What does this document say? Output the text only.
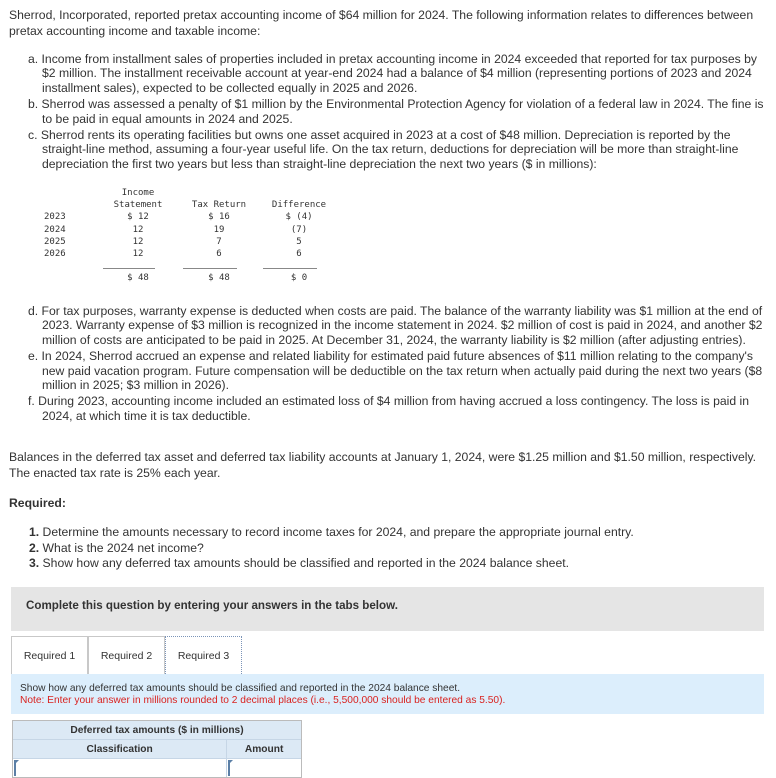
Sherrod, Incorporated, reported pretax accounting income of $64 million for 2024. The following information relates to differences between pretax accounting income and taxable income:

a. Income from installment sales of properties included in pretax accounting income in 2024 exceeded that reported for tax purposes by $2 million. The installment receivable account at year-end 2024 had a balance of $4 million (representing portions of 2023 and 2024 installment sales), expected to be collected equally in 2025 and 2026.

b. Sherrod was assessed a penalty of $1 million by the Environmental Protection Agency for violation of a federal law in 2024. The fine is to be paid in equal amounts in 2024 and 2025.

c. Sherrod rents its operating facilities but owns one asset acquired in 2023 at a cost of $48 million. Depreciation is reported by the straight-line method, assuming a four-year useful life. On the tax return, deductions for depreciation will be more than straight-line depreciation the first two years but less than straight-line depreciation the next two years ($ in millions):

	Income		
	Statement	Tax Return	Difference
2023	$ 12	$ 16	$ (4)
2024	12	19	(7)
2025	12	7	5
2026	12	6	6

	$ 48	$ 48	$ 0

d. For tax purposes, warranty expense is deducted when costs are paid. The balance of the warranty liability was $1 million at the end of 2023. Warranty expense of $3 million is recognized in the income statement in 2024. $2 million of cost is paid in 2024, and another $2 million of costs are anticipated to be paid in 2025. At December 31, 2024, the warranty liability is $2 million (after adjusting entries).

e. In 2024, Sherrod accrued an expense and related liability for estimated paid future absences of $11 million relating to the company's new paid vacation program. Future compensation will be deductible on the tax return when actually paid during the next two years ($8 million in 2025; $3 million in 2026).

f. During 2023, accounting income included an estimated loss of $4 million from having accrued a loss contingency. The loss is paid in 2024, at which time it is tax deductible.

Balances in the deferred tax asset and deferred tax liability accounts at January 1, 2024, were $1.25 million and $1.50 million, respectively. The enacted tax rate is 25% each year.
Required:
1. Determine the amounts necessary to record income taxes for 2024, and prepare the appropriate journal entry.
2. What is the 2024 net income?
3. Show how any deferred tax amounts should be classified and reported in the 2024 balance sheet.
Complete this question by entering your answers in the tabs below.
Required 1	Required 2	Required 3
Show how any deferred tax amounts should be classified and reported in the 2024 balance sheet.
Note: Enter your answer in millions rounded to 2 decimal places (i.e., 5,500,000 should be entered as 5.50).
Deferred tax amounts ($ in millions)
Classification	Amount
